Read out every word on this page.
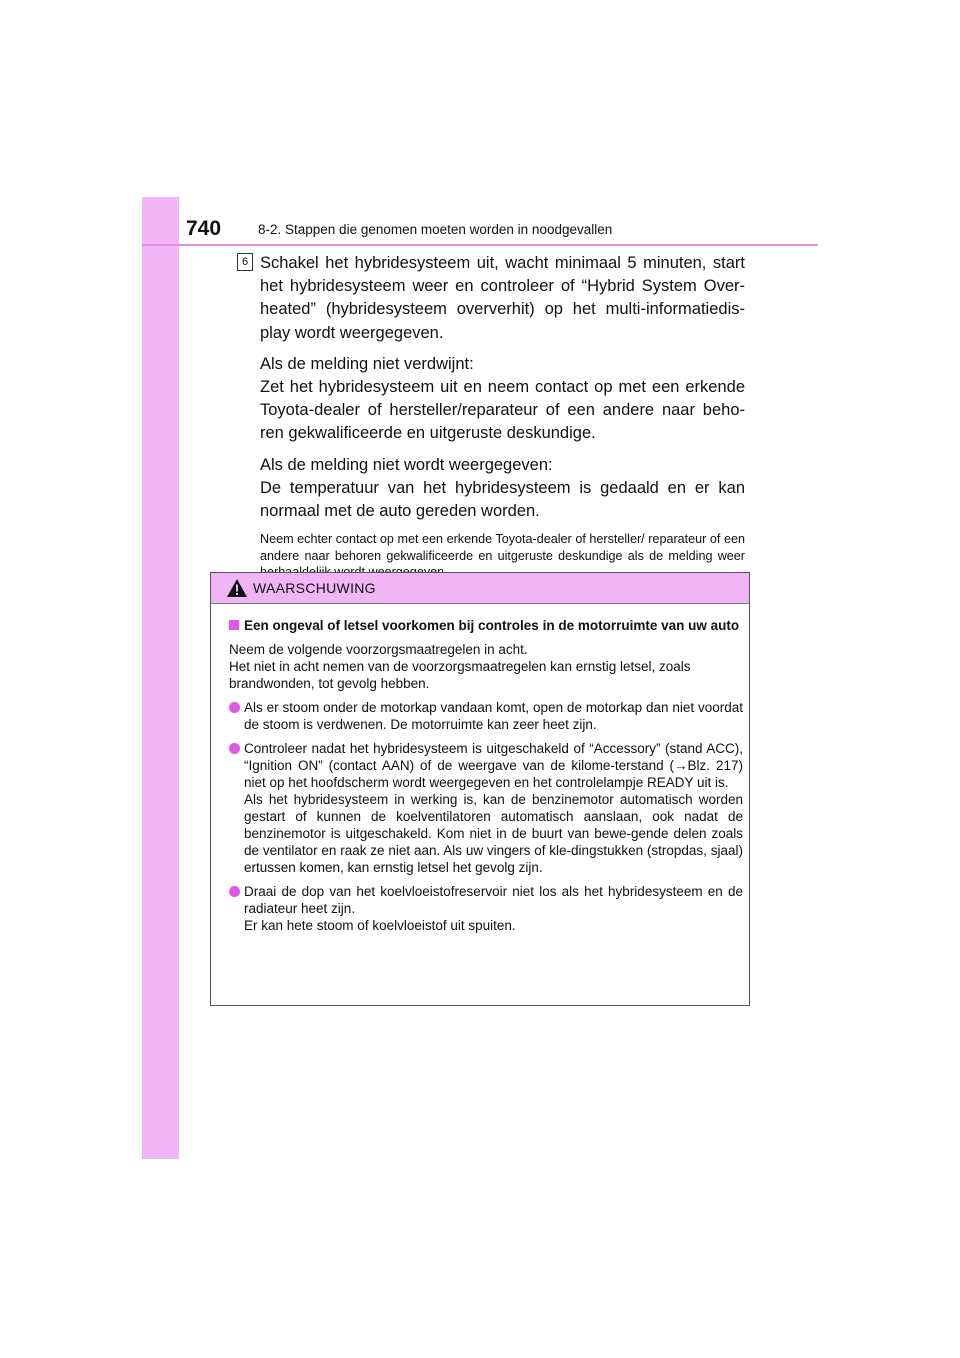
740	8-2. Stappen die genomen moeten worden in noodgevallen
6 Schakel het hybridesysteem uit, wacht minimaal 5 minuten, start het hybridesysteem weer en controleer of “Hybrid System Over-heated” (hybridesysteem oververhit) op het multi-informatiedis-play wordt weergegeven.

Als de melding niet verdwijnt:

Zet het hybridesysteem uit en neem contact op met een erkende Toyota-dealer of hersteller/reparateur of een andere naar beho-ren gekwalificeerde en uitgeruste deskundige.

Als de melding niet wordt weergegeven:

De temperatuur van het hybridesysteem is gedaald en er kan normaal met de auto gereden worden.

Neem echter contact op met een erkende Toyota-dealer of hersteller/ reparateur of een andere naar behoren gekwalificeerde en uitgeruste deskundige als de melding weer

WAARSCHUWING

Een ongeval of letsel voorkomen bij controles in de motorruimte van uw auto

Neem de volgende voorzorgsmaatregelen in acht.
Het niet in acht nemen van de voorzorgsmaatregelen kan ernstig letsel, zoals brandwonden, tot gevolg hebben.

Als er stoom onder de motorkap vandaan komt, open de motorkap dan niet voordat de stoom is verdwenen. De motorruimte kan zeer heet zijn.

Controleer nadat het hybridesysteem is uitgeschakeld of “Accessory” (stand ACC), “Ignition ON” (contact AAN) of de weergave van de kilome-terstand (→Blz. 217) niet op het hoofdscherm wordt weergegeven en het controlelampje READY uit is.
Als het hybridesysteem in werking is, kan de benzinemotor automatisch worden gestart of kunnen de koelventilatoren automatisch aanslaan, ook nadat de benzinemotor is uitgeschakeld. Kom niet in de buurt van bewe-gende delen zoals de ventilator en raak ze niet aan. Als uw vingers of kle-dingstukken (stropdas, sjaal) ertussen komen, kan ernstig letsel het gevolg zijn.

Draai de dop van het koelvloeistofreservoir niet los als het hybridesysteem en de radiateur heet zijn.
Er kan hete stoom of koelvloeistof uit spuiten.
